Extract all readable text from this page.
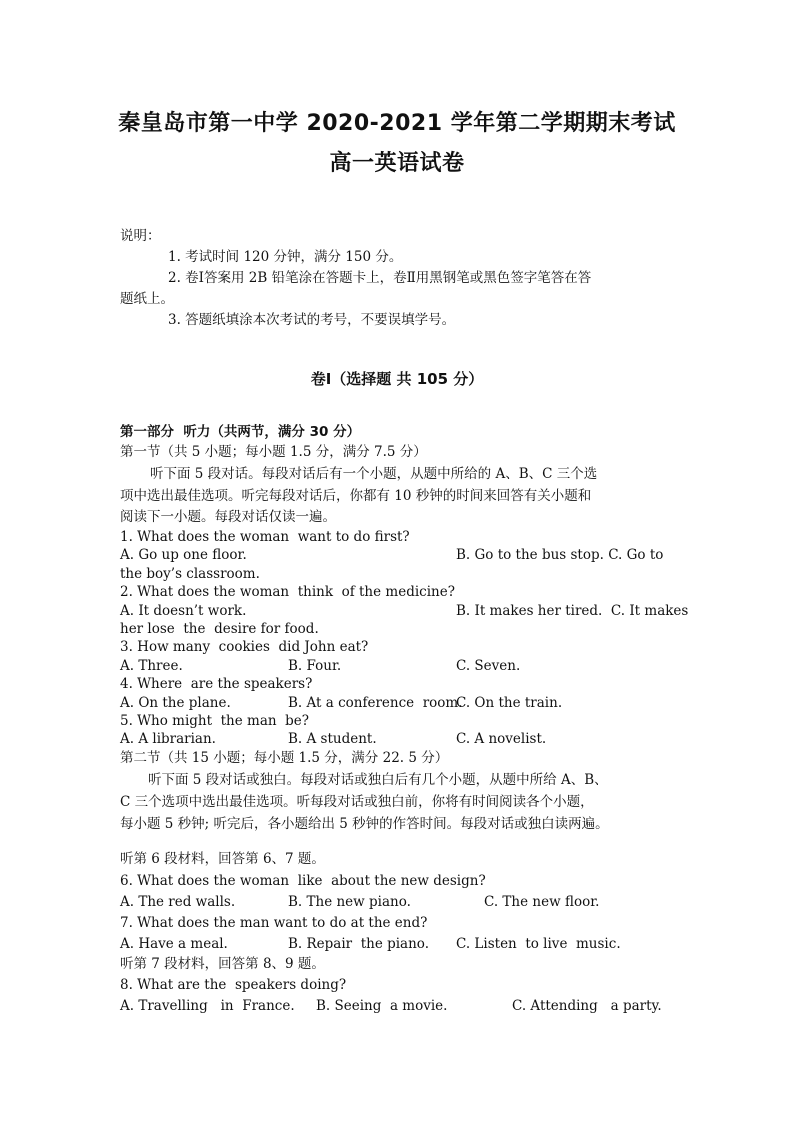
秦皇岛市第一中学 2020-2021 学年第二学期期末考试
高一英语试卷
说明：
1. 考试时间 120 分钟，满分 150 分。
2. 卷Ⅰ答案用 2B 铅笔涂在答题卡上，卷Ⅱ用黑钢笔或黑色签字笔答在答
题纸上。
3. 答题纸填涂本次考试的考号，不要误填学号。
卷Ⅰ（选择题 共 105 分）
第一部分  听力（共两节，满分 30 分）
第一节（共 5 小题；每小题 1.5 分，满分 7.5 分）
听下面 5 段对话。每段对话后有一个小题，从题中所给的 A、B、C 三个选
项中选出最佳选项。听完每段对话后，你都有 10 秒钟的时间来回答有关小题和
阅读下一小题。每段对话仅读一遍。
1. What does the woman  want to do first?
A. Go up one floor.	B. Go to the bus stop. C. Go to
the boy’s classroom.
2. What does the woman  think  of the medicine?
A. It doesn’t work.	B. It makes her tired.  C. It makes
her lose  the  desire for food.
3. How many  cookies  did John eat?
A. Three.	B. Four.	C. Seven.
4. Where  are the speakers?
A. On the plane.	B. At a conference  room.
C. On the train.
5. Who might  the man  be?
A. A librarian.	B. A student.	C. A novelist.
第二节（共 15 小题；每小题 1.5 分，满分 22. 5 分）
听下面 5 段对话或独白。每段对话或独白后有几个小题，从题中所给 A、B、
C 三个选项中选出最佳选项。听每段对话或独白前，你将有时间阅读各个小题，
每小题 5 秒钟; 听完后，各小题给出 5 秒钟的作答时间。每段对话或独白读两遍。
听第 6 段材料，回答第 6、7 题。
6. What does the woman  like  about the new design?
A. The red walls.	B. The new piano.	C. The new floor.
7. What does the man want to do at the end?
A. Have a meal.	B. Repair  the piano. C. Listen  to live  music.
听第 7 段材料，回答第 8、9 题。
8. What are the  speakers doing?
A. Travelling   in  France. B. Seeing  a movie.	C. Attending   a party.
